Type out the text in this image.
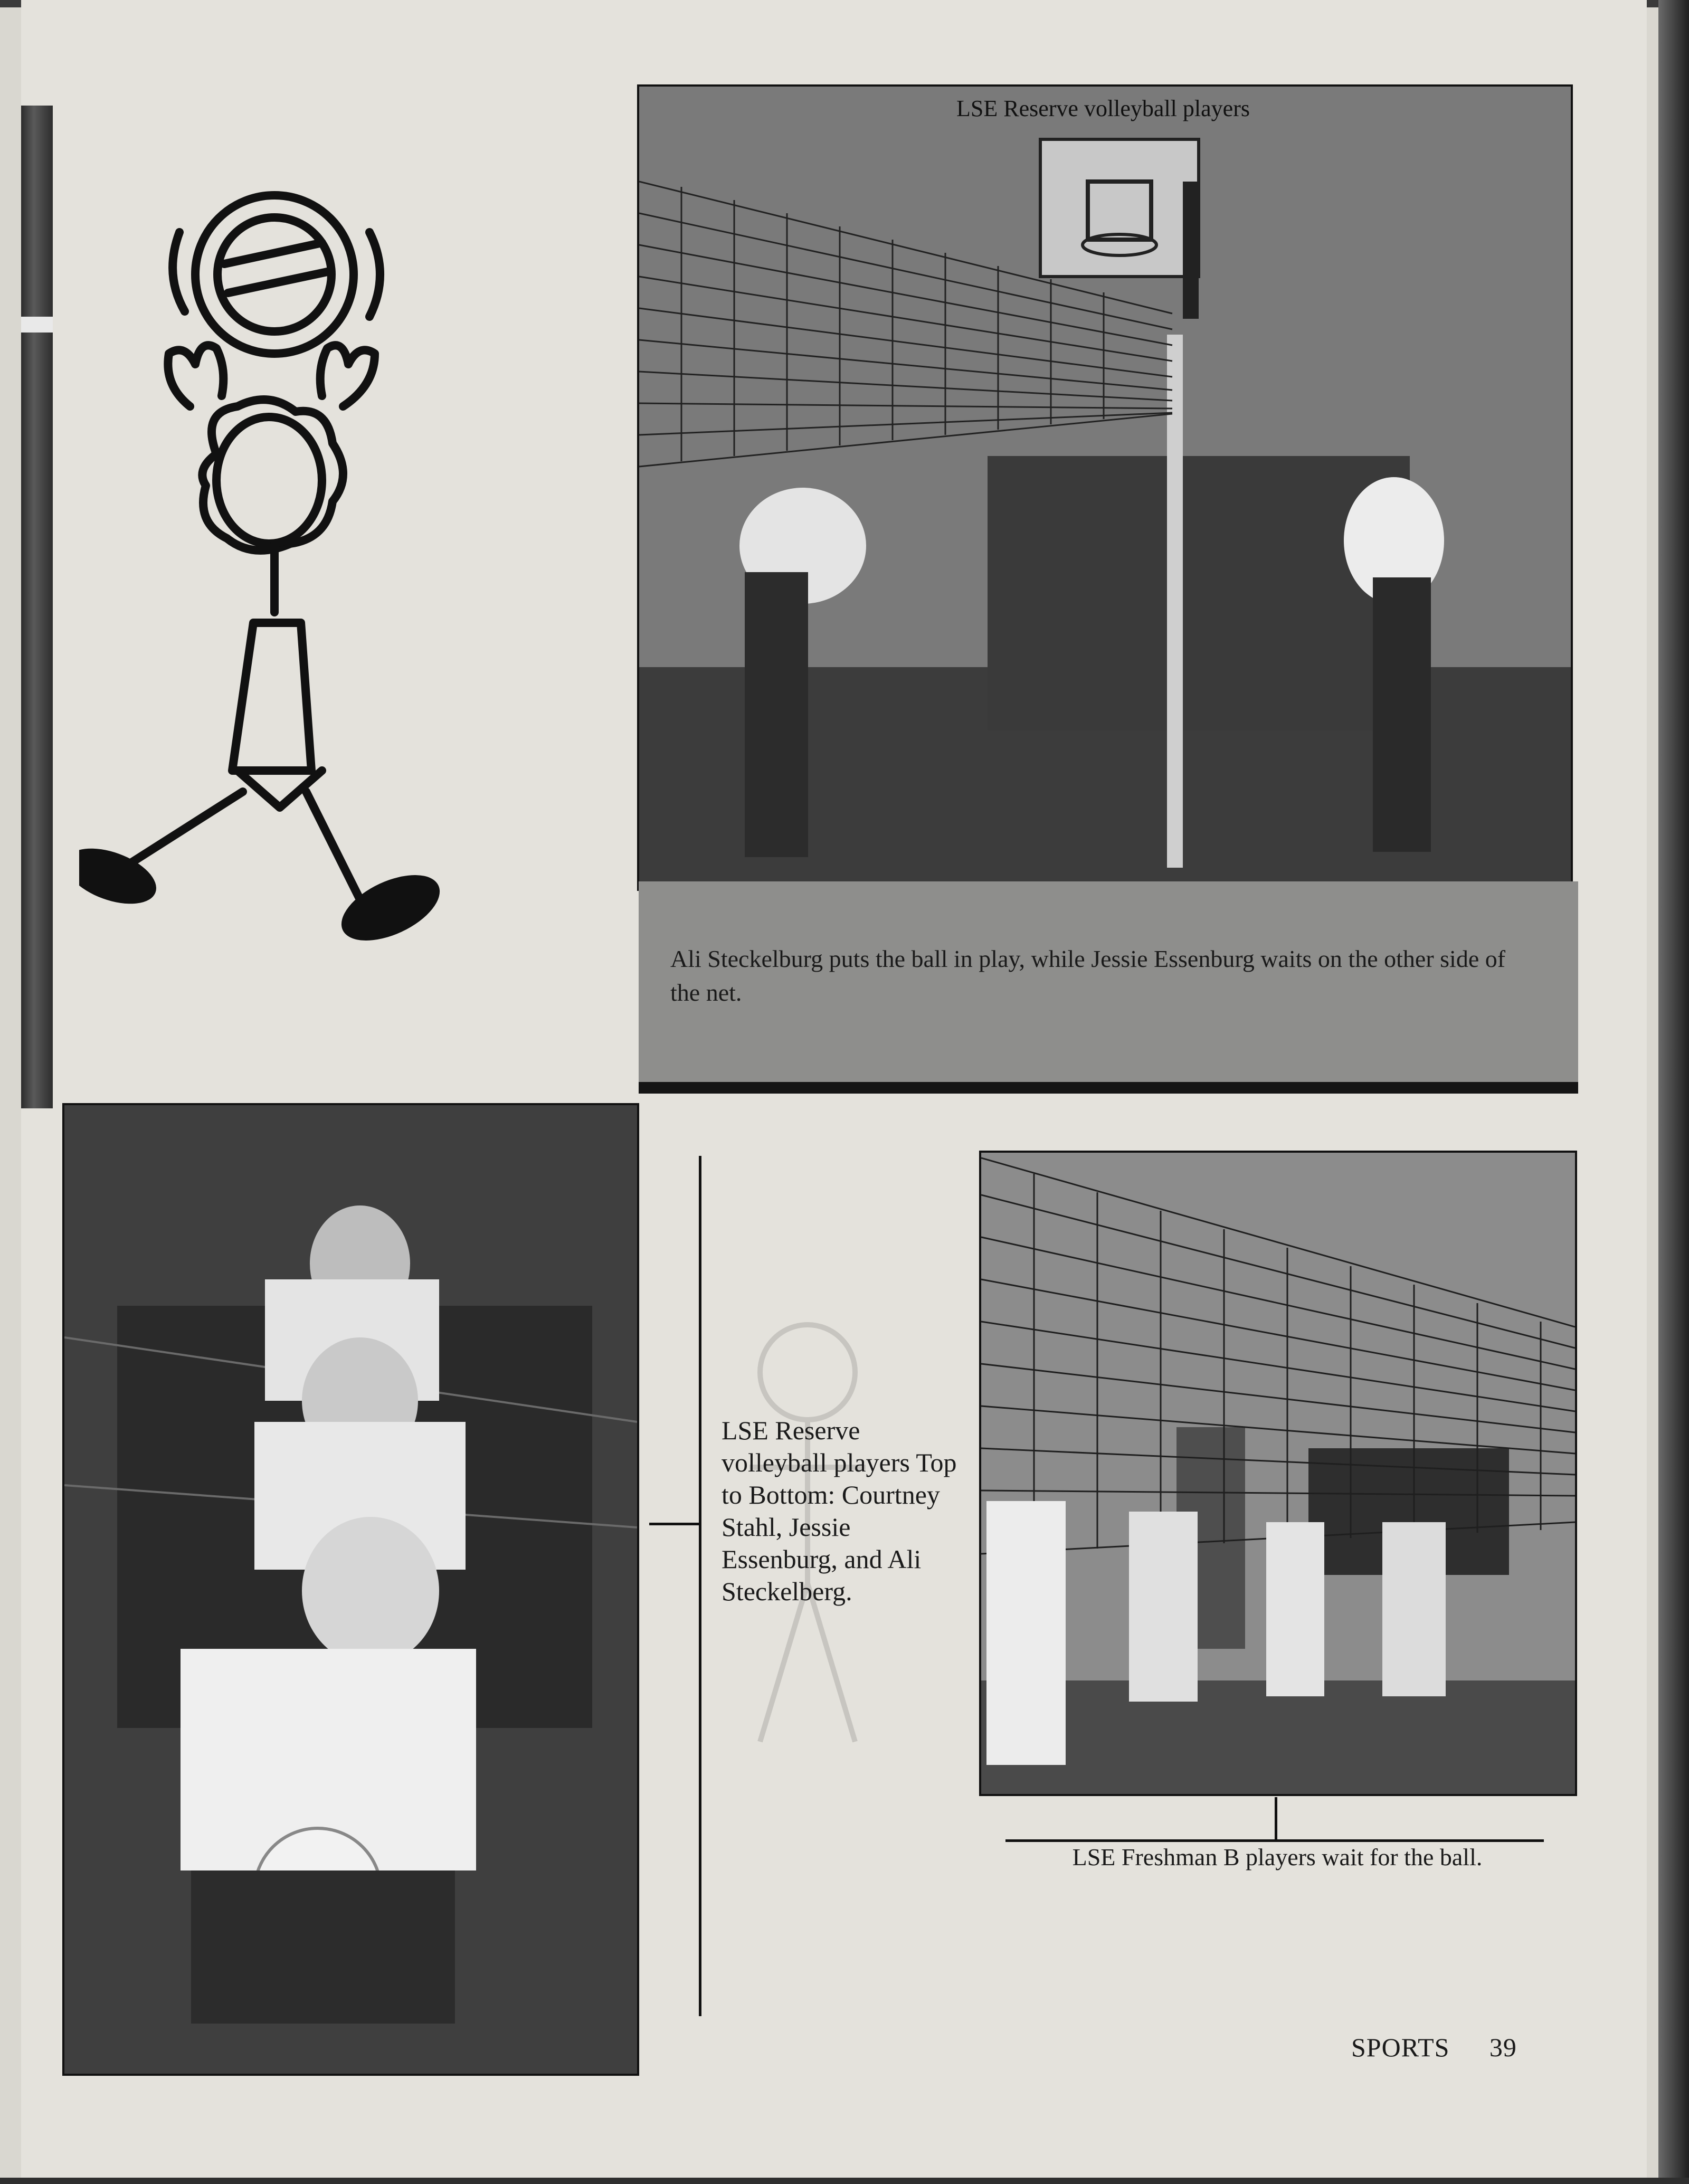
LSE Reserve volleyball players

Ali Steckelburg puts the ball in play, while Jessie Essenburg waits on the other side of the net.

LSE Reserve volleyball players Top to Bottom: Courtney Stahl, Jessie Essenburg, and Ali Steckelberg.
LSE Freshman B players wait for the ball.
SPORTS 39
